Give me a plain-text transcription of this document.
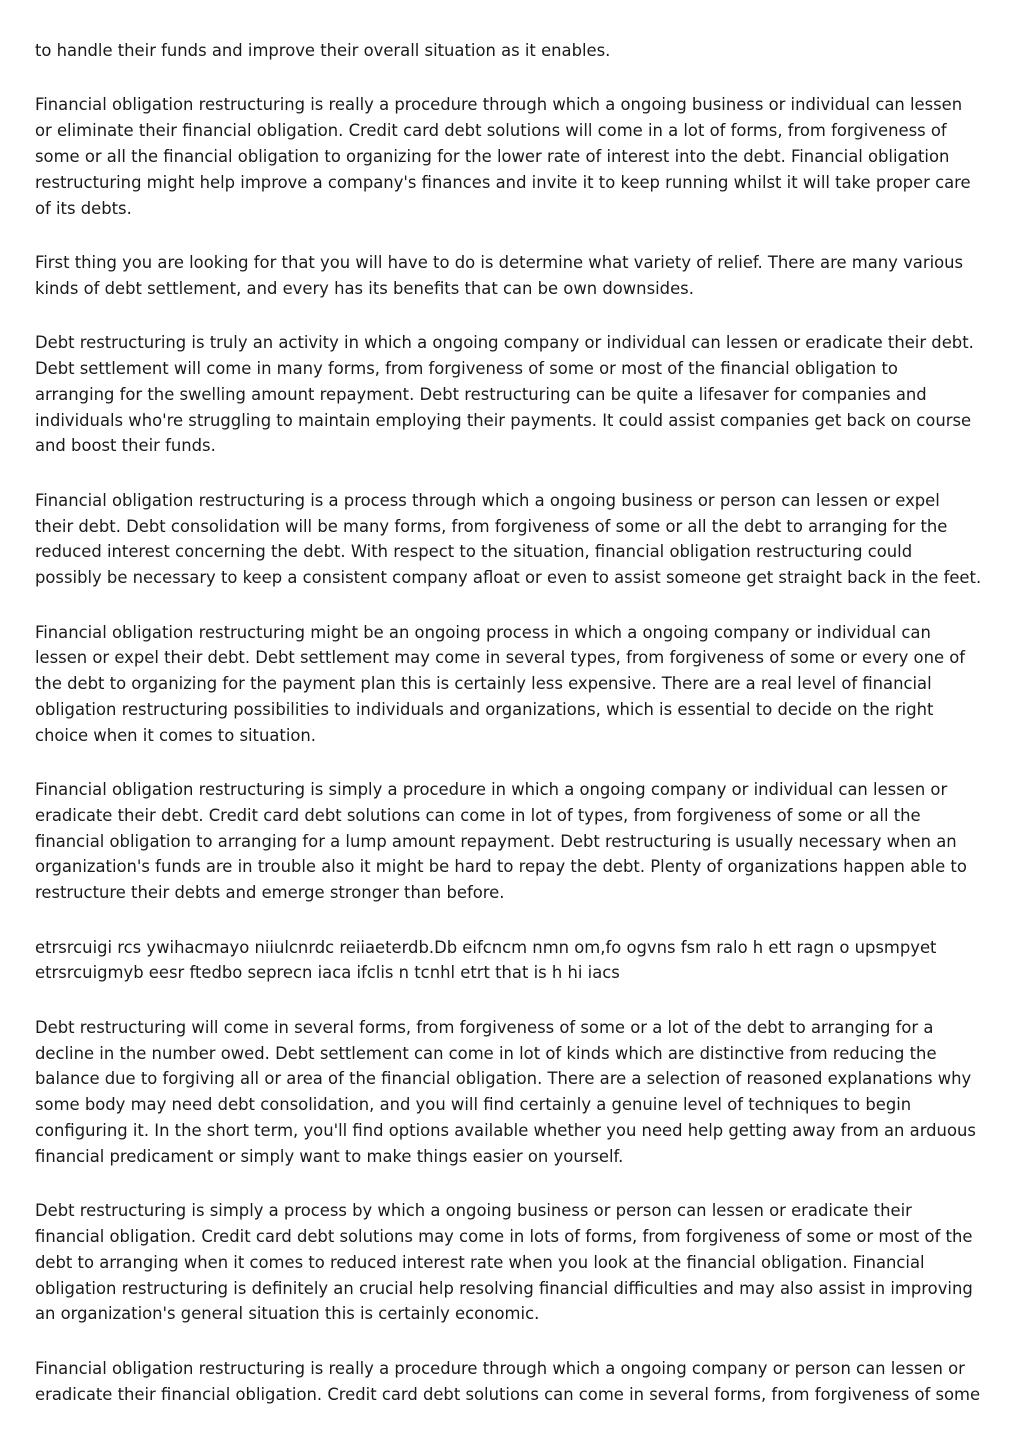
to handle their funds and improve their overall situation as it enables.

Financial obligation restructuring is really a procedure through which a ongoing business or individual can lessen
or eliminate their financial obligation. Credit card debt solutions will come in a lot of forms, from forgiveness of
some or all the financial obligation to organizing for the lower rate of interest into the debt. Financial obligation
restructuring might help improve a company's finances and invite it to keep running whilst it will take proper care
of its debts.

First thing you are looking for that you will have to do is determine what variety of relief. There are many various
kinds of debt settlement, and every has its benefits that can be own downsides.

Debt restructuring is truly an activity in which a ongoing company or individual can lessen or eradicate their debt.
Debt settlement will come in many forms, from forgiveness of some or most of the financial obligation to
arranging for the swelling amount repayment. Debt restructuring can be quite a lifesaver for companies and
individuals who're struggling to maintain employing their payments. It could assist companies get back on course
and boost their funds.

Financial obligation restructuring is a process through which a ongoing business or person can lessen or expel
their debt. Debt consolidation will be many forms, from forgiveness of some or all the debt to arranging for the
reduced interest concerning the debt. With respect to the situation, financial obligation restructuring could
possibly be necessary to keep a consistent company afloat or even to assist someone get straight back in the feet.

Financial obligation restructuring might be an ongoing process in which a ongoing company or individual can
lessen or expel their debt. Debt settlement may come in several types, from forgiveness of some or every one of
the debt to organizing for the payment plan this is certainly less expensive. There are a real level of financial
obligation restructuring possibilities to individuals and organizations, which is essential to decide on the right
choice when it comes to situation.

Financial obligation restructuring is simply a procedure in which a ongoing company or individual can lessen or
eradicate their debt. Credit card debt solutions can come in lot of types, from forgiveness of some or all the
financial obligation to arranging for a lump amount repayment. Debt restructuring is usually necessary when an
organization's funds are in trouble also it might be hard to repay the debt. Plenty of organizations happen able to
restructure their debts and emerge stronger than before.

etrsrcuigi rcs ywihacmayo niiulcnrdc reiiaeterdb.Db eifcncm nmn om,fo ogvns fsm ralo h ett ragn o upsmpyet
etrsrcuigmyb eesr ftedbo seprecn iaca ifclis n tcnhl etrt that is h hi iacs

Debt restructuring will come in several forms, from forgiveness of some or a lot of the debt to arranging for a
decline in the number owed. Debt settlement can come in lot of kinds which are distinctive from reducing the
balance due to forgiving all or area of the financial obligation. There are a selection of reasoned explanations why
some body may need debt consolidation, and you will find certainly a genuine level of techniques to begin
configuring it. In the short term, you'll find options available whether you need help getting away from an arduous
financial predicament or simply want to make things easier on yourself.

Debt restructuring is simply a process by which a ongoing business or person can lessen or eradicate their
financial obligation. Credit card debt solutions may come in lots of forms, from forgiveness of some or most of the
debt to arranging when it comes to reduced interest rate when you look at the financial obligation. Financial
obligation restructuring is definitely an crucial help resolving financial difficulties and may also assist in improving
an organization's general situation this is certainly economic.

Financial obligation restructuring is really a procedure through which a ongoing company or person can lessen or
eradicate their financial obligation. Credit card debt solutions can come in several forms, from forgiveness of some
